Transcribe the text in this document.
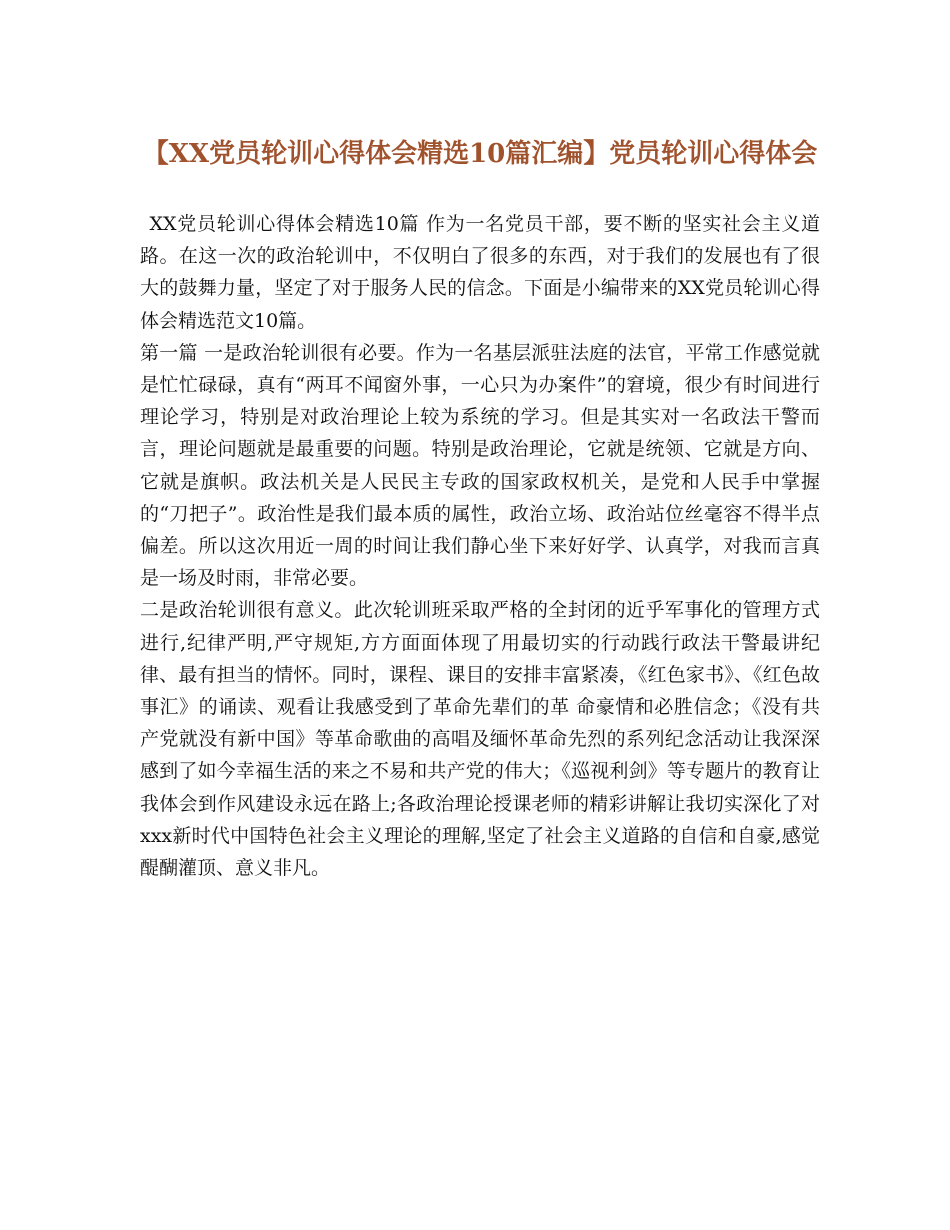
【XX党员轮训心得体会精选10篇汇编】党员轮训心得体会

XX党员轮训心得体会精选10篇 作为一名党员干部，要不断的坚实社会主义道路。在这一次的政治轮训中，不仅明白了很多的东西，对于我们的发展也有了很大的鼓舞力量，坚定了对于服务人民的信念。下面是小编带来的XX党员轮训心得体会精选范文10篇。

第一篇 一是政治轮训很有必要。作为一名基层派驻法庭的法官，平常工作感觉就是忙忙碌碌，真有“两耳不闻窗外事，一心只为办案件”的窘境，很少有时间进行理论学习，特别是对政治理论上较为系统的学习。但是其实对一名政法干警而言，理论问题就是最重要的问题。特别是政治理论，它就是统领、它就是方向、它就是旗帜。政法机关是人民民主专政的国家政权机关，是党和人民手中掌握的“刀把子”。政治性是我们最本质的属性，政治立场、政治站位丝毫容不得半点偏差。所以这次用近一周的时间让我们静心坐下来好好学、认真学，对我而言真是一场及时雨，非常必要。

二是政治轮训很有意义。此次轮训班采取严格的全封闭的近乎军事化的管理方式进行,纪律严明,严守规矩,方方面面体现了用最切实的行动践行政法干警最讲纪律、最有担当的情怀。同时，课程、课目的安排丰富紧凑，《红色家书》、《红色故事汇》的诵读、观看让我感受到了革命先辈们的革 命豪情和必胜信念；《没有共产党就没有新中国》等革命歌曲的高唱及缅怀革命先烈的系列纪念活动让我深深感到了如今幸福生活的来之不易和共产党的伟大；《巡视利剑》等专题片的教育让我体会到作风建设永远在路上;各政治理论授课老师的精彩讲解让我切实深化了对xxx新时代中国特色社会主义理论的理解,坚定了社会主义道路的自信和自豪,感觉醍醐灌顶、意义非凡。
